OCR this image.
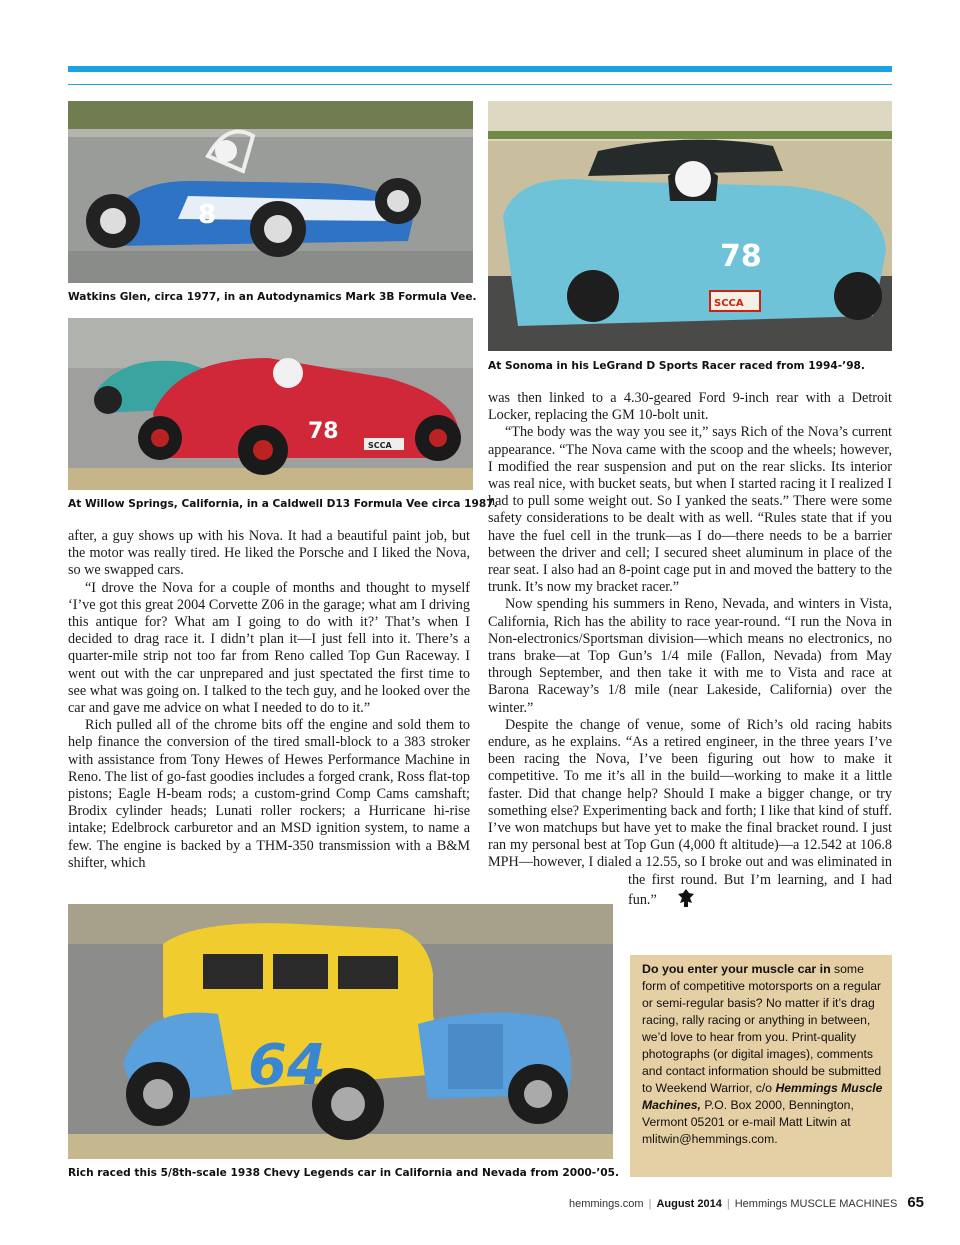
8
Watkins Glen, circa 1977, in an Autodynamics Mark 3B Formula Vee.
SCCA
78
At Sonoma in his LeGrand D Sports Racer raced from 1994-’98.
SCCA
78
At Willow Springs, California, in a Caldwell D13 Formula Vee circa 1987.

after, a guy shows up with his Nova. It had a beautiful paint job, but the motor was really tired. He liked the Porsche and I liked the Nova, so we swapped cars.

“I drove the Nova for a couple of months and thought to myself ‘I’ve got this great 2004 Corvette Z06 in the garage; what am I driving this antique for? What am I going to do with it?’ That’s when I decided to drag race it. I didn’t plan it—I just fell into it. There’s a quarter-mile strip not too far from Reno called Top Gun Raceway. I went out with the car unprepared and just spectated the first time to see what was going on. I talked to the tech guy, and he looked over the car and gave me advice on what I needed to do to it.”

Rich pulled all of the chrome bits off the engine and sold them to help finance the conversion of the tired small-block to a 383 stroker with assistance from Tony Hewes of Hewes Performance Machine in Reno. The list of go-fast goodies includes a forged crank, Ross flat-top pistons; Eagle H-beam rods; a custom-grind Comp Cams camshaft; Brodix cylinder heads; Lunati roller rockers; a Hurricane hi-rise intake; Edelbrock carburetor and an MSD ignition system, to name a few. The engine is backed by a THM-350 transmission with a B&M shifter, which

was then linked to a 4.30-geared Ford 9-inch rear with a Detroit Locker, replacing the GM 10-bolt unit.

“The body was the way you see it,” says Rich of the Nova’s current appearance. “The Nova came with the scoop and the wheels; however, I modified the rear suspension and put on the rear slicks. Its interior was real nice, with bucket seats, but when I started racing it I realized I had to pull some weight out. So I yanked the seats.” There were some safety considerations to be dealt with as well. “Rules state that if you have the fuel cell in the trunk—as I do—there needs to be a barrier between the driver and cell; I secured sheet aluminum in place of the rear seat. I also had an 8-point cage put in and moved the battery to the trunk. It’s now my bracket racer.”

Now spending his summers in Reno, Nevada, and winters in Vista, California, Rich has the ability to race year-round. “I run the Nova in Non-electronics/Sportsman division—which means no electronics, no trans brake—at Top Gun’s 1/4 mile (Fallon, Nevada) from May through September, and then take it with me to Vista and race at Barona Raceway’s 1/8 mile (near Lakeside, California) over the winter.”

Despite the change of venue, some of Rich’s old racing habits endure, as he explains. “As a retired engineer, in the three years I’ve been racing the Nova, I’ve been figuring out how to make it competitive. To me it’s all in the build—working to make it a little faster. Did that change help? Should I make a bigger change, or try something else? Experimenting back and forth; I like that kind of stuff. I’ve won matchups but have yet to make the final bracket round. I just ran my personal best at Top Gun (4,000 ft altitude)—a 12.542 at 106.8 MPH—however, I dialed a 12.55, so I broke out and was eliminated in the first round. But I’m learning, and I had fun.”

64
Rich raced this 5/8th-scale 1938 Chevy Legends car in California and Nevada from 2000-’05.
Do you enter your muscle car in some form of competitive motorsports on a regular or semi-regular basis? No matter if it’s drag racing, rally racing or anything in between, we’d love to hear from you. Print-quality photographs (or digital images), comments and contact information should be submitted to Weekend Warrior, c/o Hemmings Muscle Machines, P.O. Box 2000, Bennington, Vermont 05201 or e-mail Matt Litwin at mlitwin@hemmings.com.
hemmings.com | August 2014 | Hemmings MUSCLE MACHINES 65
